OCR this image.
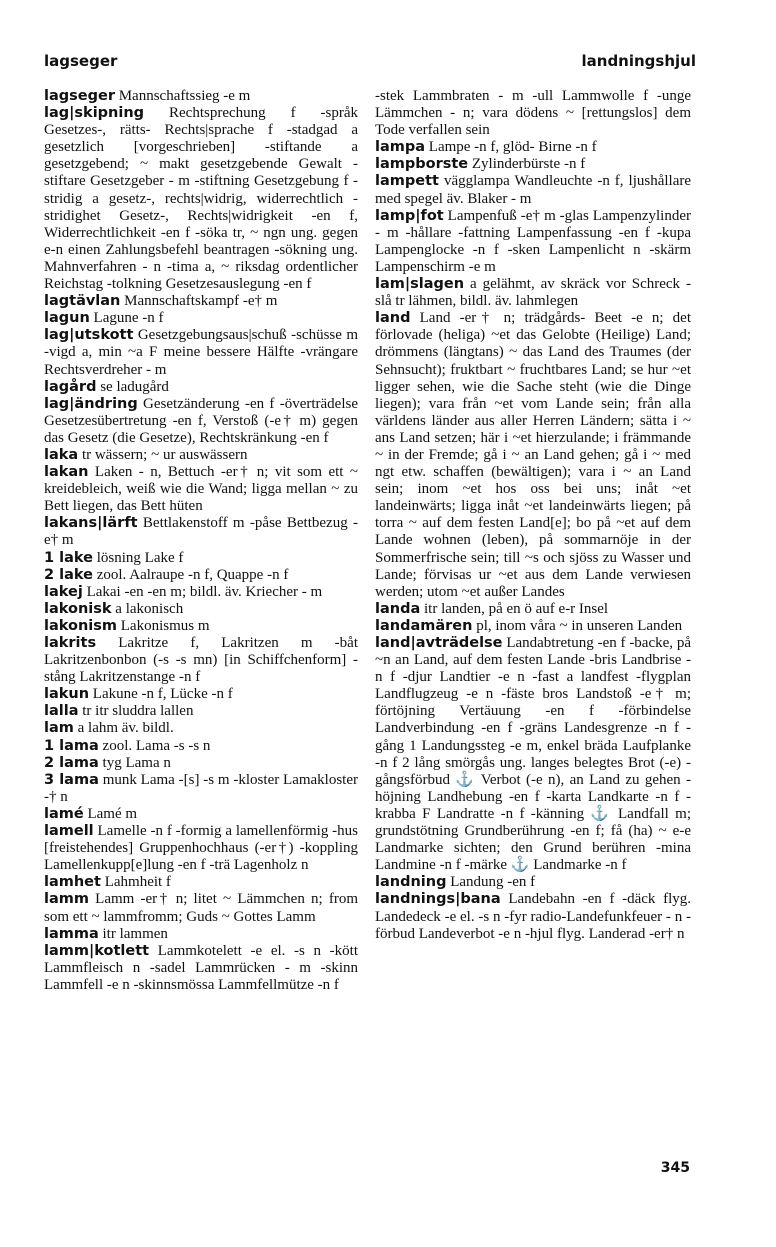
lagseger	landningshjul

lagseger Mannschaftssieg -e m

lag|skipning Rechtsprechung f -språk Gesetzes-, rätts- Rechts|sprache f -stadgad a gesetzlich [vorgeschrieben] -stiftande a gesetzgebend; ~ makt gesetzgebende Gewalt -stiftare Gesetzgeber - m -stiftning Gesetzgebung f -stridig a gesetz-, rechts|widrig, widerrechtlich -stridighet Gesetz-, Rechts|widrigkeit -en f, Widerrechtlichkeit -en f -söka tr, ~ ngn ung. gegen e-n einen Zahlungsbefehl beantragen -sökning ung. Mahnverfahren - n -tima a, ~ riksdag ordentlicher Reichstag -tolkning Gesetzesauslegung -en f

lagtävlan Mannschaftskampf -e† m

lagun Lagune -n f

lag|utskott Gesetzgebungsaus|schuß -schüsse m -vigd a, min ~a F meine bessere Hälfte -vrängare Rechtsverdreher - m

lagård se ladugård

lag|ändring Gesetzänderung -en f -överträdelse Gesetzesübertretung -en f, Verstoß (-e† m) gegen das Gesetz (die Gesetze), Rechtskränkung -en f

laka tr wässern; ~ ur auswässern

lakan Laken - n, Bettuch -er† n; vit som ett ~ kreidebleich, weiß wie die Wand; ligga mellan ~ zu Bett liegen, das Bett hüten

lakans|lärft Bettlakenstoff m -påse Bettbezug -e† m

1 lake lösning Lake f

2 lake zool. Aalraupe -n f, Quappe -n f

lakej Lakai -en -en m; bildl. äv. Kriecher - m

lakonisk a lakonisch

lakonism Lakonismus m

lakrits Lakritze f, Lakritzen m -båt Lakritzenbonbon (-s -s mn) [in Schiffchenform] -stång Lakritzenstange -n f

lakun Lakune -n f, Lücke -n f

lalla tr itr sluddra lallen

lam a lahm äv. bildl.

1 lama zool. Lama -s -s n

2 lama tyg Lama n

3 lama munk Lama -[s] -s m -kloster Lamakloster -† n

lamé Lamé m

lamell Lamelle -n f -formig a lamellenförmig -hus [freistehendes] Gruppenhochhaus (-er†) -koppling Lamellenkupp[e]lung -en f -trä Lagenholz n

lamhet Lahmheit f

lamm Lamm -er† n; litet ~ Lämmchen n; from som ett ~ lammfromm; Guds ~ Gottes Lamm

lamma itr lammen

lamm|kotlett Lammkotelett -e el. -s n -kött Lammfleisch n -sadel Lammrücken - m -skinn Lammfell -e n -skinnsmössa Lammfellmütze -n f

-stek Lammbraten - m -ull Lammwolle f -unge Lämmchen - n; vara dödens ~ [rettungslos] dem Tode verfallen sein

lampa Lampe -n f, glöd- Birne -n f

lampborste Zylinderbürste -n f

lampett vägglampa Wandleuchte -n f, ljushållare med spegel äv. Blaker - m

lamp|fot Lampenfuß -e† m -glas Lampenzylinder - m -hållare -fattning Lampenfassung -en f -kupa Lampenglocke -n f -sken Lampenlicht n -skärm Lampenschirm -e m

lam|slagen a gelähmt, av skräck vor Schreck -slå tr lähmen, bildl. äv. lahmlegen

land Land -er† n; trädgårds- Beet -e n; det förlovade (heliga) ~et das Gelobte (Heilige) Land; drömmens (längtans) ~ das Land des Traumes (der Sehnsucht); fruktbart ~ fruchtbares Land; se hur ~et ligger sehen, wie die Sache steht (wie die Dinge liegen); vara från ~et vom Lande sein; från alla världens länder aus aller Herren Ländern; sätta i ~ ans Land setzen; här i ~et hierzulande; i främmande ~ in der Fremde; gå i ~ an Land gehen; gå i ~ med ngt etw. schaffen (bewältigen); vara i ~ an Land sein; inom ~et hos oss bei uns; inåt ~et landeinwärts; ligga inåt ~et landeinwärts liegen; på torra ~ auf dem festen Land[e]; bo på ~et auf dem Lande wohnen (leben), på sommarnöje in der Sommerfrische sein; till ~s och sjöss zu Wasser und Lande; förvisas ur ~et aus dem Lande verwiesen werden; utom ~et außer Landes

landa itr landen, på en ö auf e-r Insel

landamären pl, inom våra ~ in unseren Landen

land|avträdelse Landabtretung -en f -backe, på ~n an Land, auf dem festen Lande -bris Landbrise -n f -djur Landtier -e n -fast a landfest -flygplan Landflugzeug -e n -fäste bros Landstoß -e† m; förtöjning Vertäuung -en f -förbindelse Landverbindung -en f -gräns Landesgrenze -n f -gång 1 Landungssteg -e m, enkel bräda Laufplanke -n f 2 lång smörgås ung. langes belegtes Brot (-e) -gångsförbud ⚓ Verbot (-e n), an Land zu gehen -höjning Landhebung -en f -karta Landkarte -n f -krabba F Landratte -n f -känning ⚓ Landfall m; grundstötning Grundberührung -en f; få (ha) ~ e-e Landmarke sichten; den Grund berühren -mina Landmine -n f -märke ⚓ Landmarke -n f

landning Landung -en f

landnings|bana Landebahn -en f -däck flyg. Landedeck -e el. -s n -fyr radio-Landefunkfeuer - n -förbud Landeverbot -e n -hjul flyg. Landerad -er† n

345
